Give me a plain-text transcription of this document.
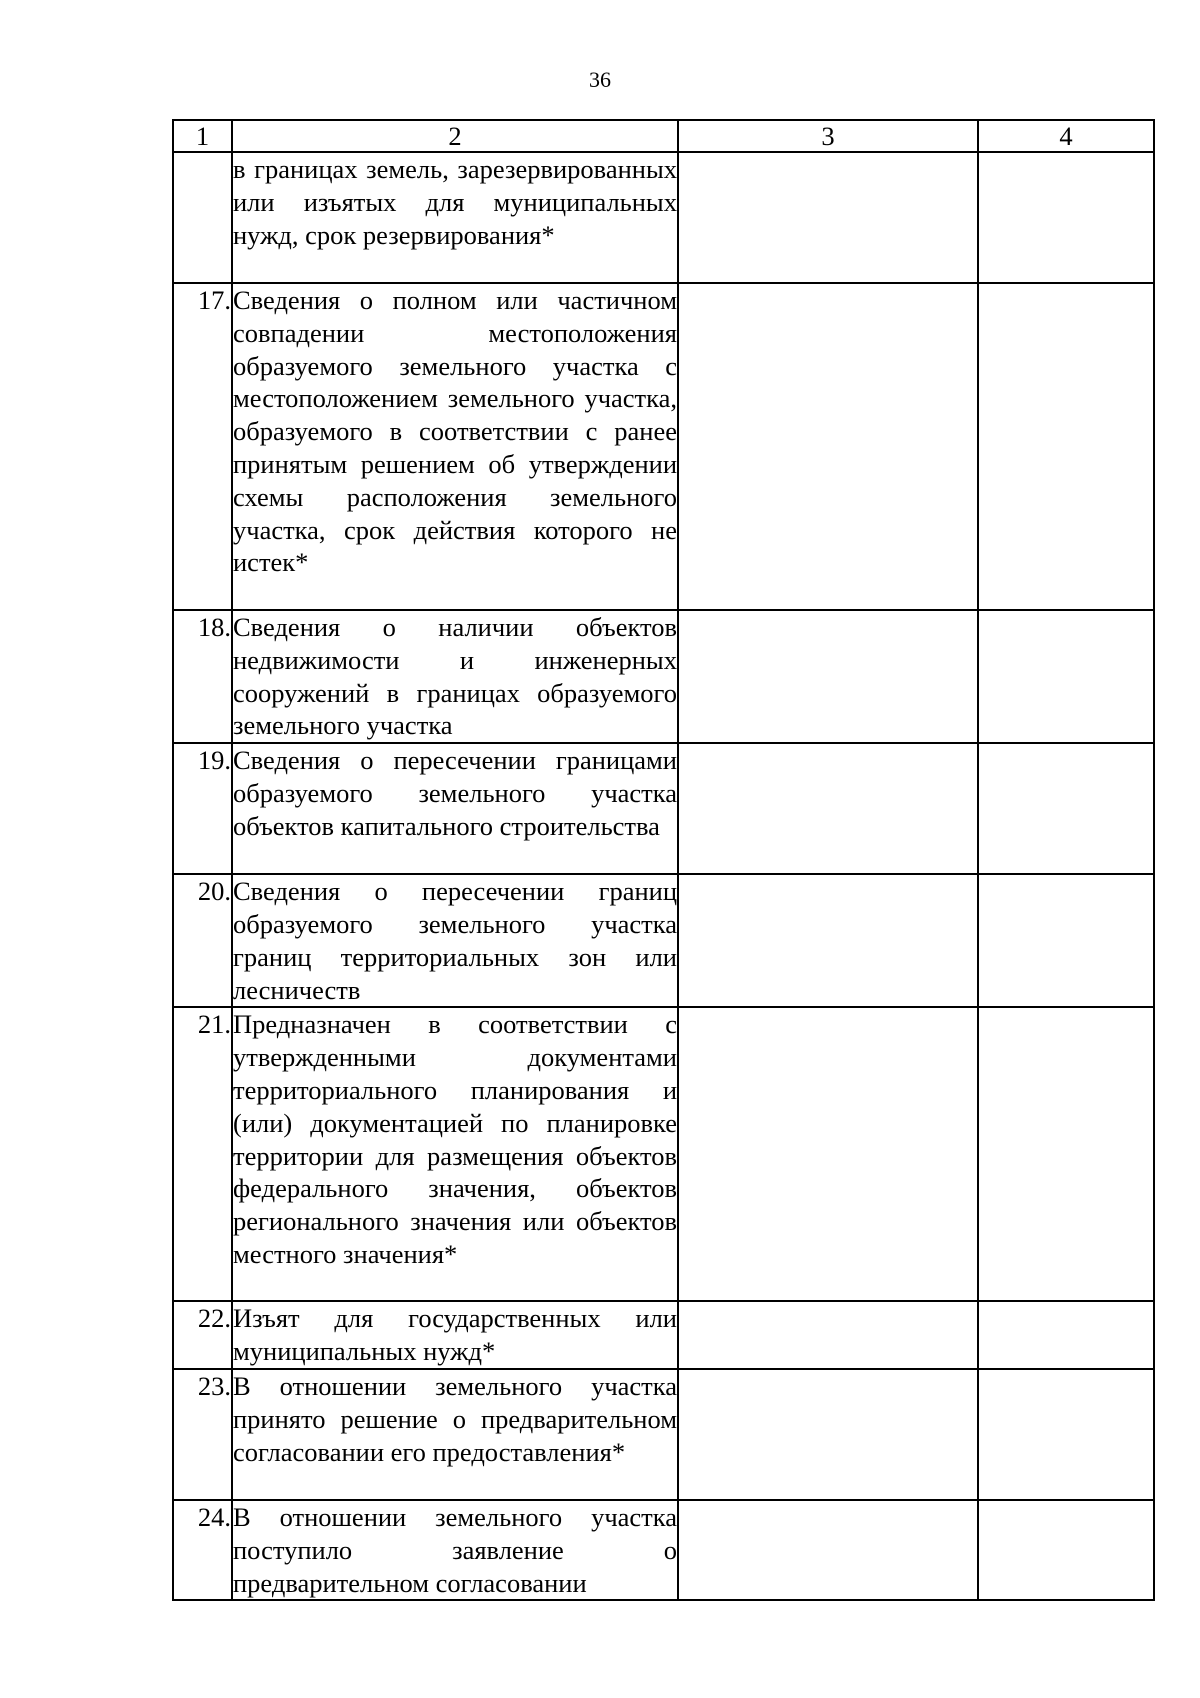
36
1	2	3	4

	в границах земель, зарезервированных или изъятых для муниципальных нужд, срок резервирования*		

17.	Сведения о полном или частичном совпадении местоположения образуемого земельного участка с местоположением земельного участка, образуемого в соответствии с ранее принятым решением об утверждении схемы расположения земельного участка, срок действия которого не истек*		

18.	Сведения о наличии объектов недвижимости и инженерных сооружений в границах образуемого земельного участка		

19.	Сведения о пересечении границами образуемого земельного участка объектов капитального строительства		

20.	Сведения о пересечении границ образуемого земельного участка границ территориальных зон или лесничеств		

21.	Предназначен в соответствии с утвержденными документами территориального планирования и (или) документацией по планировке территории для размещения объектов федерального значения, объектов регионального значения или объектов местного значения*		

22.	Изъят для государственных или муниципальных нужд*		

23.	В отношении земельного участка принято решение о предварительном согласовании его предоставления*		

24.	В отношении земельного участка поступило заявление о предварительном согласовании		
